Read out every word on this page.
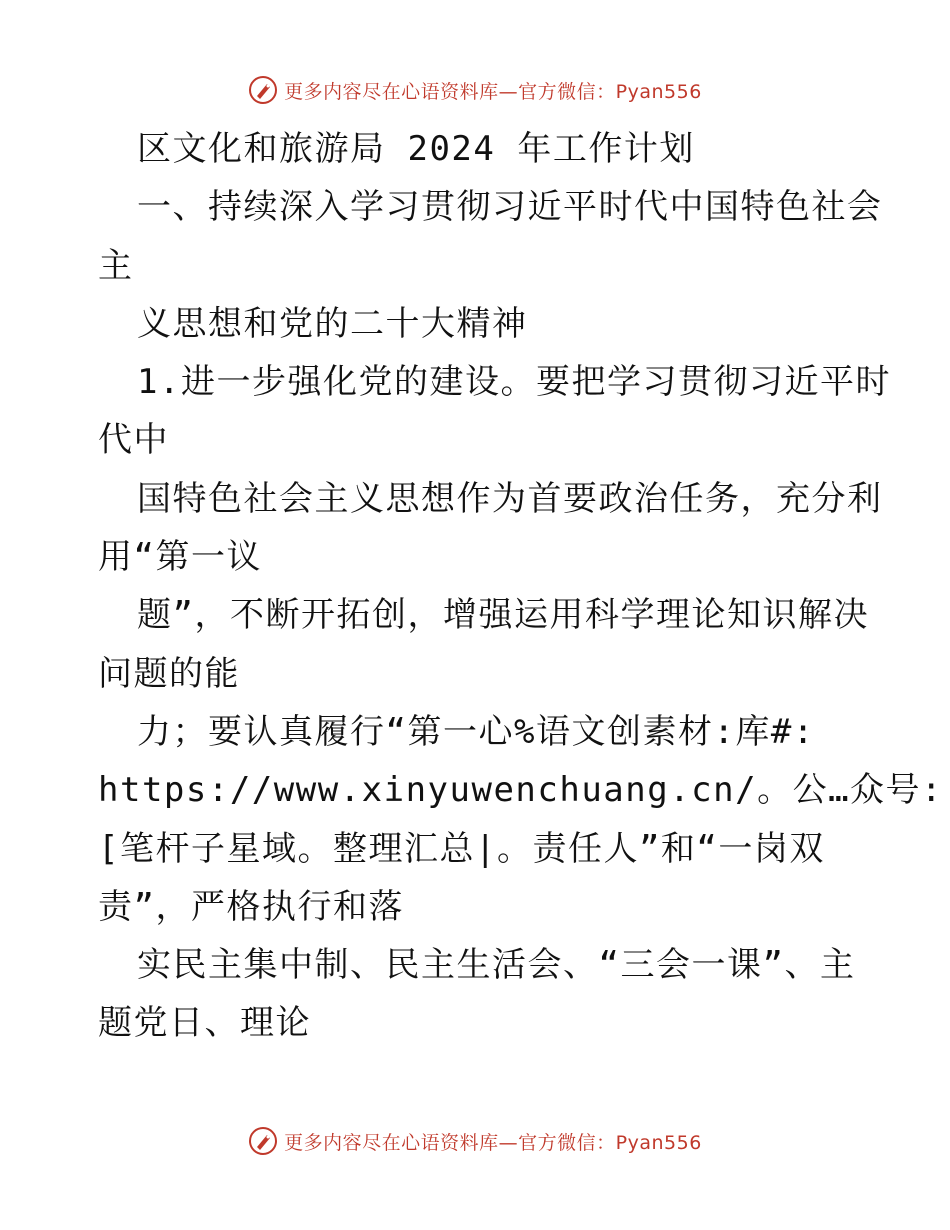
更多内容尽在心语资料库—官方微信：Pyan556
区文化和旅游局 2024 年工作计划
一、持续深入学习贯彻习近平时代中国特色社会
主
义思想和党的二十大精神
1.进一步强化党的建设。要把学习贯彻习近平时
代中
国特色社会主义思想作为首要政治任务，充分利
用“第一议
题”，不断开拓创，增强运用科学理论知识解决
问题的能
力；要认真履行“第一心%语文创素材:库#:
https://www.xinyuwenchuang.cn/。公…众号:
[笔杆子星域。整理汇总|。责任人”和“一岗双
责”，严格执行和落
实民主集中制、民主生活会、“三会一课”、主
题党日、理论
更多内容尽在心语资料库—官方微信：Pyan556
